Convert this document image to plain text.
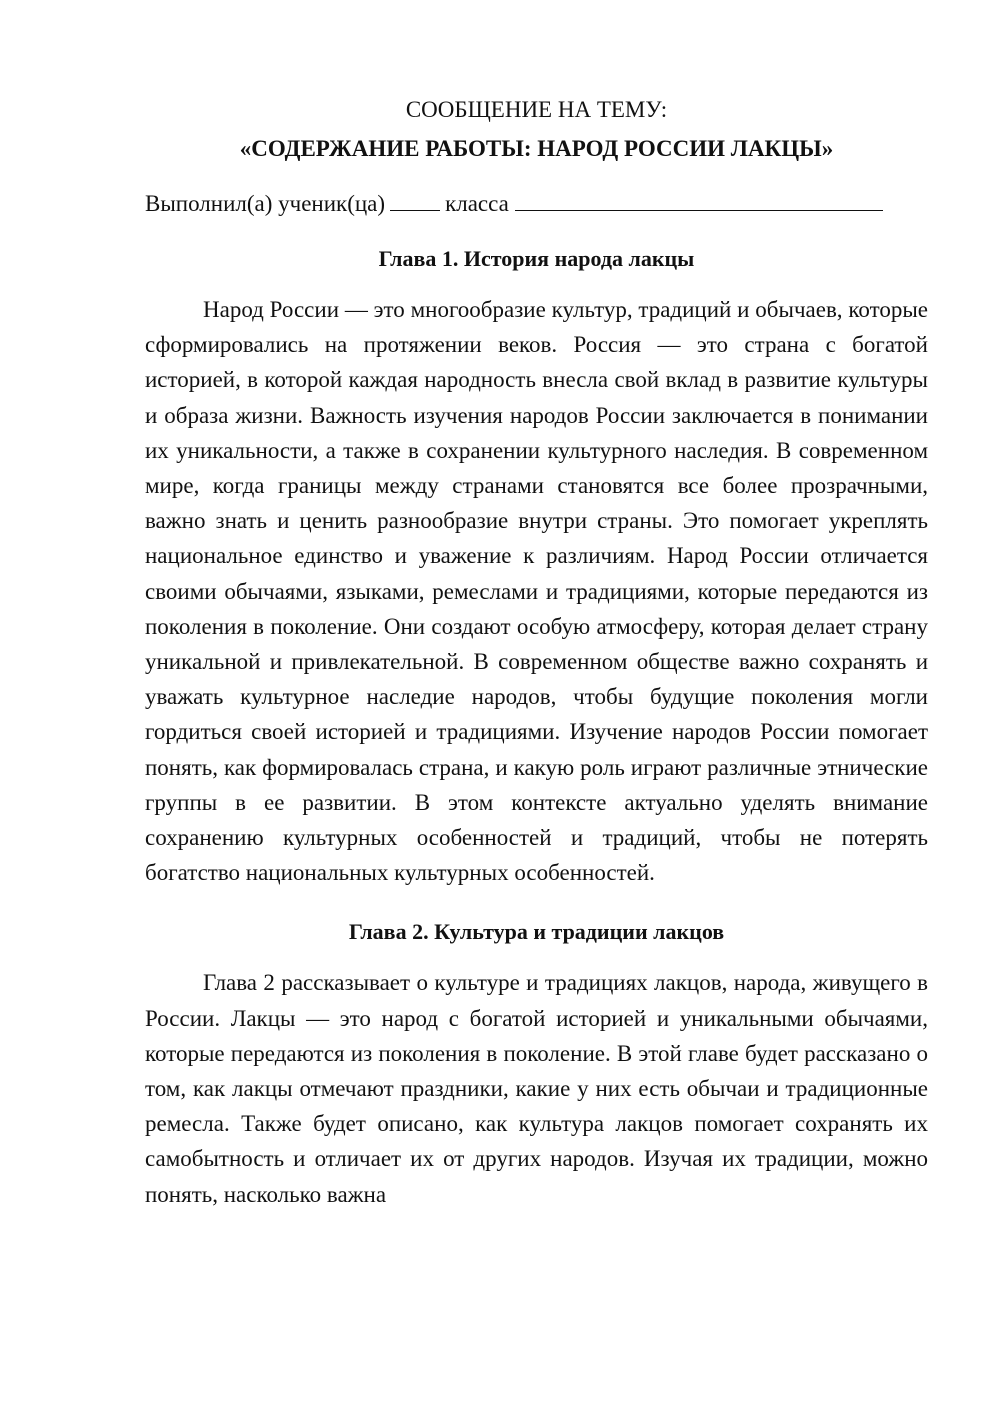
СООБЩЕНИЕ НА ТЕМУ:

«СОДЕРЖАНИЕ РАБОТЫ: НАРОД РОССИИ ЛАКЦЫ»

Выполнил(а) ученик(ца)	класса

Глава 1. История народа лакцы

Народ России — это многообразие культур, традиций и обычаев, которые сформировались на протяжении веков. Россия — это страна с богатой историей, в которой каждая народность внесла свой вклад в развитие культуры и образа жизни. Важность изучения народов России заключается в понимании их уникальности, а также в сохранении культурного наследия. В современном мире, когда границы между странами становятся все более прозрачными, важно знать и ценить разнообразие внутри страны. Это помогает укреплять национальное единство и уважение к различиям. Народ России отличается своими обычаями, языками, ремеслами и традициями, которые передаются из поколения в поколение. Они создают особую атмосферу, которая делает страну уникальной и привлекательной. В современном обществе важно сохранять и уважать культурное наследие народов, чтобы будущие поколения могли гордиться своей историей и традициями. Изучение народов России помогает понять, как формировалась страна, и какую роль играют различные этнические группы в ее развитии. В этом контексте актуально уделять внимание сохранению культурных особенностей и традиций, чтобы не потерять богатство национальных культурных особенностей.

Глава 2. Культура и традиции лакцов

Глава 2 рассказывает о культуре и традициях лакцов, народа, живущего в России. Лакцы — это народ с богатой историей и уникальными обычаями, которые передаются из поколения в поколение. В этой главе будет рассказано о том, как лакцы отмечают праздники, какие у них есть обычаи и традиционные ремесла. Также будет описано, как культура лакцов помогает сохранять их самобытность и отличает их от других народов. Изучая их традиции, можно понять, насколько важна
